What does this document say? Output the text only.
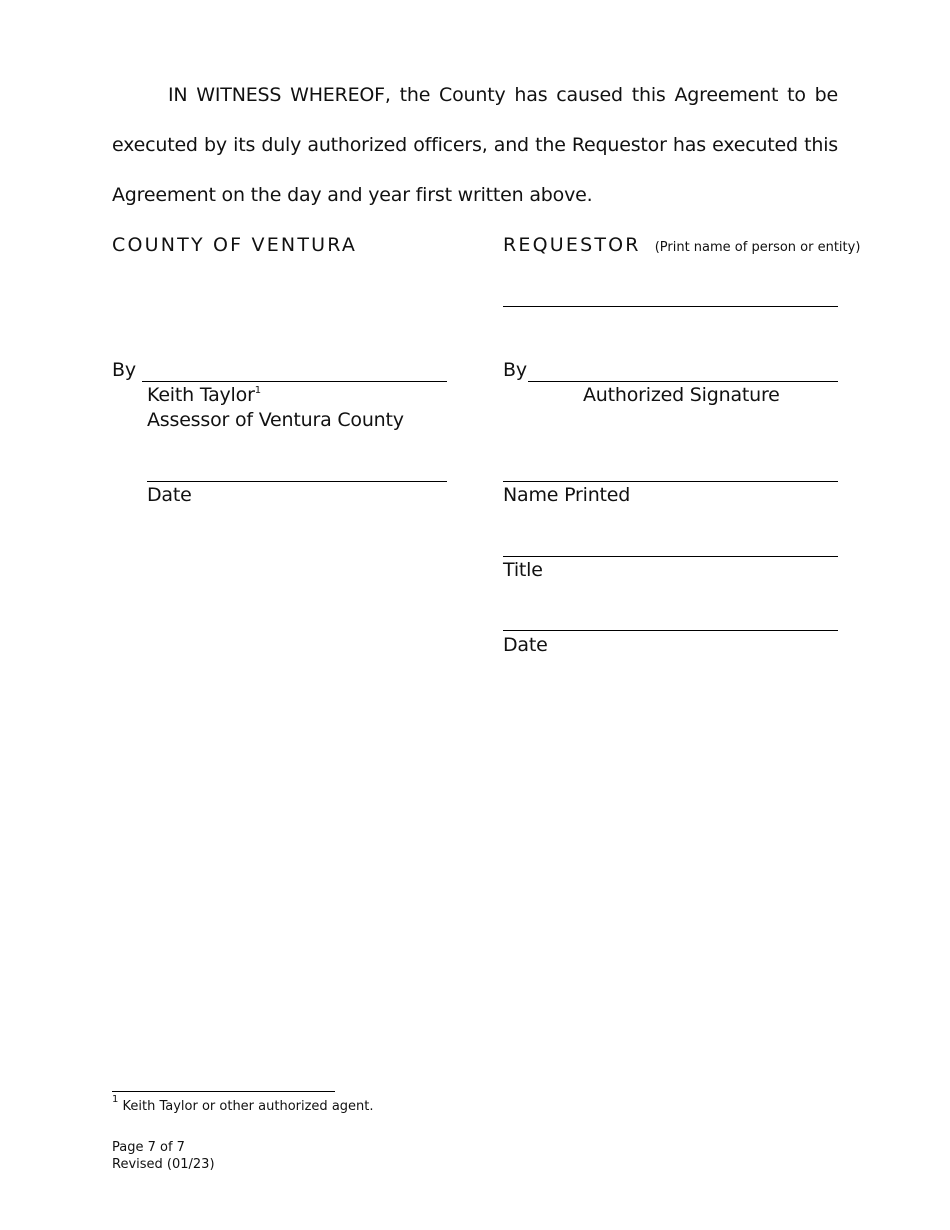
IN WITNESS WHEREOF, the County has caused this Agreement to be
executed by its duly authorized officers, and the Requestor has executed this
Agreement on the day and year first written above.
COUNTY OF VENTURA
By
Keith Taylor$^1$
Assessor of Ventura County
Date
REQUESTOR (Print name of person or entity)
By
Authorized Signature
Name Printed
Title
Date
$^1$ Keith Taylor or other authorized agent.
Page 7 of 7
Revised (01/23)
